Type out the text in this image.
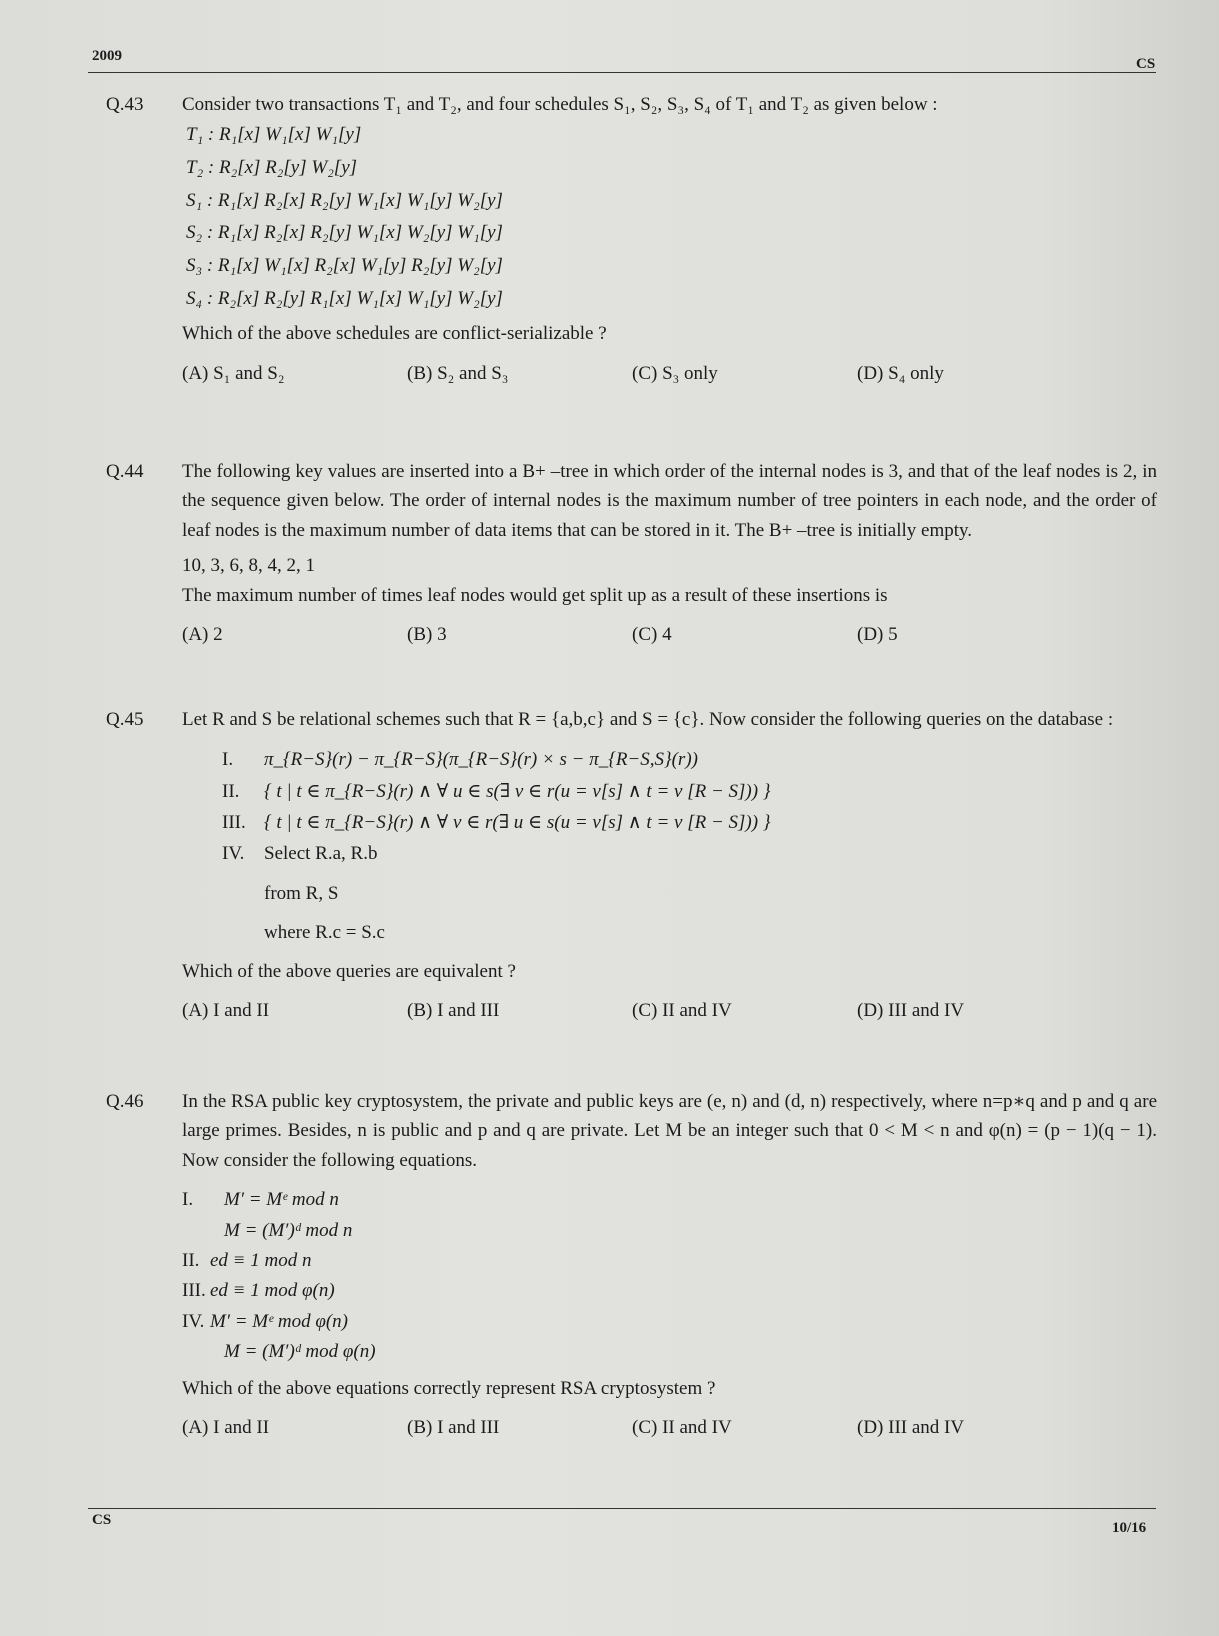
2009	CS
Q.43 Consider two transactions T₁ and T₂, and four schedules S₁, S₂, S₃, S₄ of T₁ and T₂ as given below :

T₁ : R₁[x] W₁[x] W₁[y]
T₂ : R₂[x] R₂[y] W₂[y]
S₁ : R₁[x] R₂[x] R₂[y] W₁[x] W₁[y] W₂[y]
S₂ : R₁[x] R₂[x] R₂[y] W₁[x] W₂[y] W₁[y]
S₃ : R₁[x] W₁[x] R₂[x] W₁[y] R₂[y] W₂[y]
S₄ : R₂[x] R₂[y] R₁[x] W₁[x] W₁[y] W₂[y]

Which of the above schedules are conflict-serializable ?

(A) S₁ and S₂	(B) S₂ and S₃	(C) S₃ only	(D) S₄ only
Q.44 The following key values are inserted into a B+ –tree in which order of the internal nodes is 3, and that of the leaf nodes is 2, in the sequence given below. The order of internal nodes is the maximum number of tree pointers in each node, and the order of leaf nodes is the maximum number of data items that can be stored in it. The B+ –tree is initially empty.

10, 3, 6, 8, 4, 2, 1

The maximum number of times leaf nodes would get split up as a result of these insertions is

(A) 2	(B) 3	(C) 4	(D) 5
Q.45 Let R and S be relational schemes such that R = {a,b,c} and S = {c}. Now consider the following queries on the database :

I. π_{R−S}(r) − π_{R−S}(π_{R−S}(r) × s − π_{R−S,S}(r))
II. { t | t ∈ π_{R−S}(r) ∧ ∀ u ∈ s(∃ v ∈ r(u = v[s] ∧ t = v [R − S])) }
III. { t | t ∈ π_{R−S}(r) ∧ ∀ v ∈ r(∃ u ∈ s(u = v[s] ∧ t = v [R − S])) }
IV. Select R.a, R.b
from R, S
where R.c = S.c

Which of the above queries are equivalent ?

(A) I and II	(B) I and III	(C) II and IV	(D) III and IV
Q.46 In the RSA public key cryptosystem, the private and public keys are (e, n) and (d, n) respectively, where n=p∗q and p and q are large primes. Besides, n is public and p and q are private. Let M be an integer such that 0 < M < n and φ(n) = (p − 1)(q − 1). Now consider the following equations.

I. M′ = Mᵉ mod n
M = (M′)ᵈ mod n
II. ed ≡ 1 mod n
III. ed ≡ 1 mod φ(n)
IV. M′ = Mᵉ mod φ(n)
M = (M′)ᵈ mod φ(n)

Which of the above equations correctly represent RSA cryptosystem ?

(A) I and II	(B) I and III	(C) II and IV	(D) III and IV
CS	10/16
